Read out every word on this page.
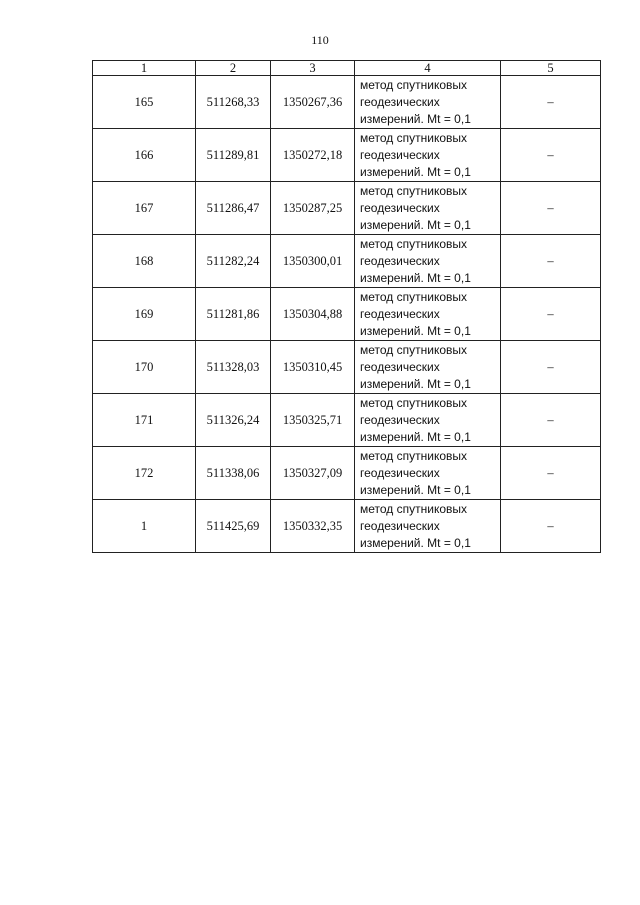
110
1	2	3	4	5
165	511268,33	1350267,36	метод спутниковых
геодезических
измерений. Mt = 0,1	–
166	511289,81	1350272,18	метод спутниковых
геодезических
измерений. Mt = 0,1	–
167	511286,47	1350287,25	метод спутниковых
геодезических
измерений. Mt = 0,1	–
168	511282,24	1350300,01	метод спутниковых
геодезических
измерений. Mt = 0,1	–
169	511281,86	1350304,88	метод спутниковых
геодезических
измерений. Mt = 0,1	–
170	511328,03	1350310,45	метод спутниковых
геодезических
измерений. Mt = 0,1	–
171	511326,24	1350325,71	метод спутниковых
геодезических
измерений. Mt = 0,1	–
172	511338,06	1350327,09	метод спутниковых
геодезических
измерений. Mt = 0,1	–
1	511425,69	1350332,35	метод спутниковых
геодезических
измерений. Mt = 0,1	–
